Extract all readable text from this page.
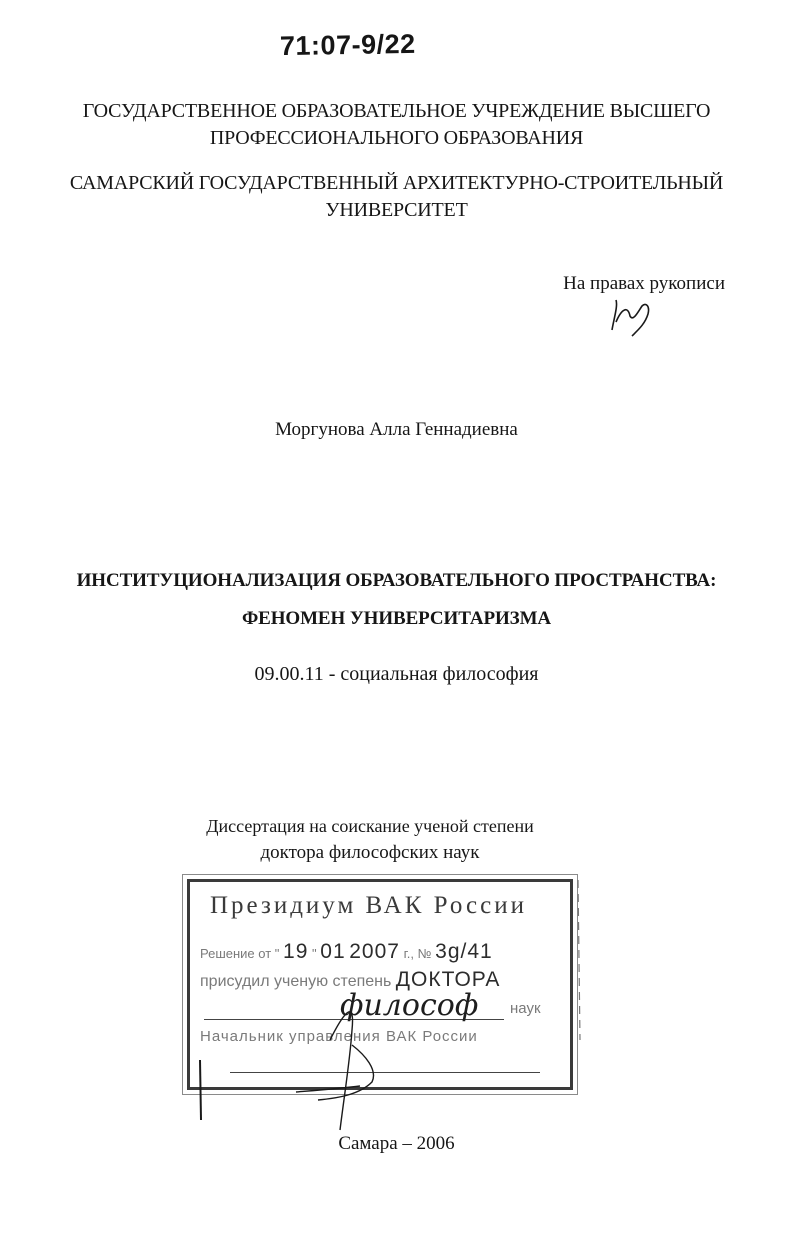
71:07-9/22
ГОСУДАРСТВЕННОЕ ОБРАЗОВАТЕЛЬНОЕ УЧРЕЖДЕНИЕ ВЫСШЕГО
ПРОФЕССИОНАЛЬНОГО ОБРАЗОВАНИЯ
САМАРСКИЙ ГОСУДАРСТВЕННЫЙ АРХИТЕКТУРНО-СТРОИТЕЛЬНЫЙ
УНИВЕРСИТЕТ
На правах рукописи
Моргунова Алла Геннадиевна
ИНСТИТУЦИОНАЛИЗАЦИЯ ОБРАЗОВАТЕЛЬНОГО ПРОСТРАНСТВА:
ФЕНОМЕН УНИВЕРСИТАРИЗМА
09.00.11 - социальная философия
Диссертация на соискание ученой степени
доктора философских наук
Президиум ВАК России
Решение от " 19 " 01 2007 г., № 3g/41
присудил ученую степень ДОКТОРА
наук
Начальник управления ВАК России
философ
Самара – 2006
